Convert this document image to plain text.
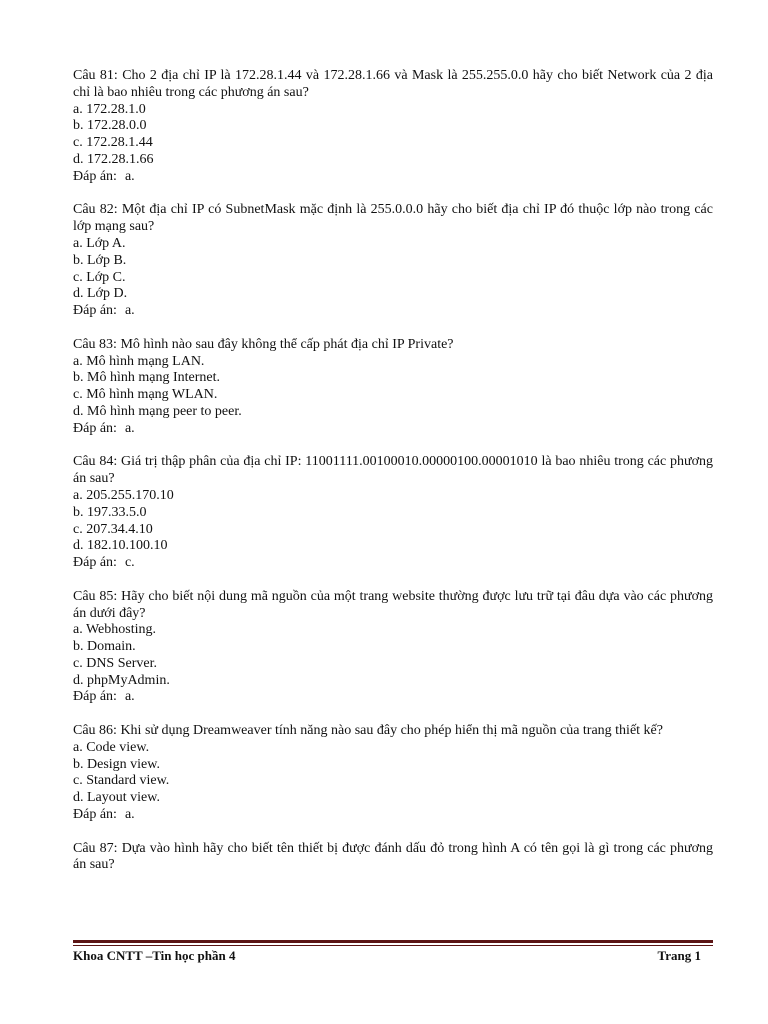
Câu 81: Cho 2 địa chỉ IP là 172.28.1.44 và 172.28.1.66 và Mask là 255.255.0.0 hãy cho biết Network của 2 địa chỉ là bao nhiêu trong các phương án sau?
a. 172.28.1.0
b. 172.28.0.0
c. 172.28.1.44
d. 172.28.1.66
Đáp án: a.
Câu 82: Một địa chỉ IP có SubnetMask mặc định là 255.0.0.0 hãy cho biết địa chỉ IP đó thuộc lớp nào trong các lớp mạng sau?
a. Lớp A.
b. Lớp B.
c. Lớp C.
d. Lớp D.
Đáp án: a.
Câu 83: Mô hình nào sau đây không thể cấp phát địa chỉ IP Private?
a. Mô hình mạng LAN.
b. Mô hình mạng Internet.
c. Mô hình mạng WLAN.
d. Mô hình mạng peer to peer.
Đáp án: a.
Câu 84: Giá trị thập phân của địa chỉ IP: 11001111.00100010.00000100.00001010 là bao nhiêu trong các phương án sau?
a. 205.255.170.10
b. 197.33.5.0
c. 207.34.4.10
d. 182.10.100.10
Đáp án: c.
Câu 85: Hãy cho biết nội dung mã nguồn của một trang website thường được lưu trữ tại đâu dựa vào các phương án dưới đây?
a. Webhosting.
b. Domain.
c. DNS Server.
d. phpMyAdmin.
Đáp án: a.
Câu 86: Khi sử dụng Dreamweaver tính năng nào sau đây cho phép hiển thị mã nguồn của trang thiết kế?
a. Code view.
b. Design view.
c. Standard view.
d. Layout view.
Đáp án: a.
Câu 87: Dựa vào hình hãy cho biết tên thiết bị được đánh dấu đỏ trong hình A có tên gọi là gì trong các phương án sau?
Khoa CNTT –Tin học phần 4	Trang 1
